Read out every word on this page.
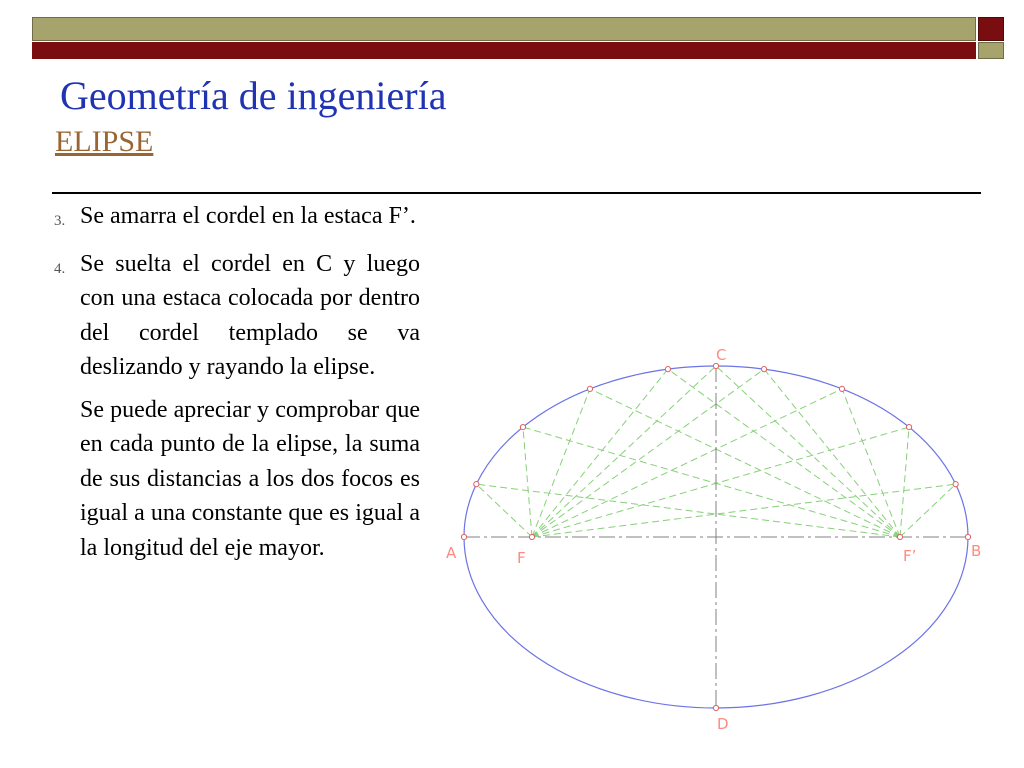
Geometría de ingeniería
ELIPSE
3. Se amarra el cordel en la estaca F’.
4. Se suelta el cordel en C y luego con una estaca colocada por dentro del cordel templado se va deslizando y rayando la elipse.
Se puede apreciar y comprobar que en cada punto de la elipse, la suma de sus distancias a los dos focos es igual a una constante que es igual a la longitud del eje mayor.
C
A	B
F	F’
D
